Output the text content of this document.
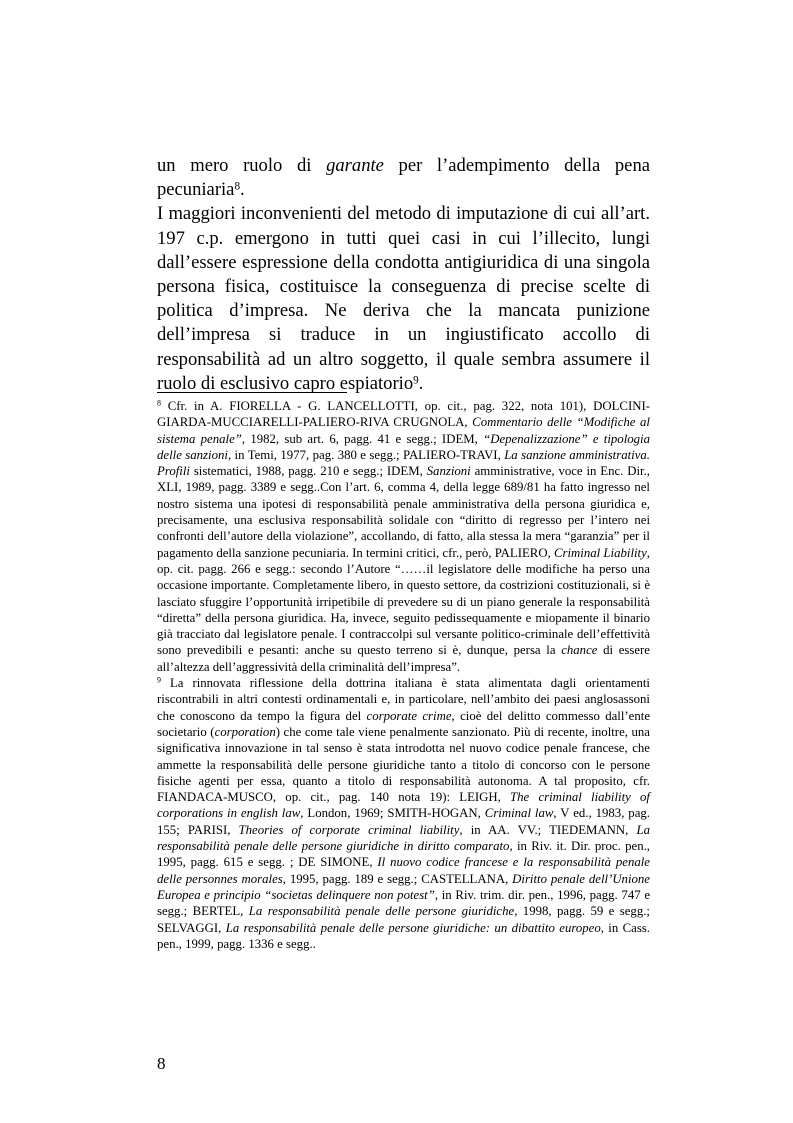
un mero ruolo di garante per l’adempimento della pena pecuniaria$^8$.

I maggiori inconvenienti del metodo di imputazione di cui all’art. 197 c.p. emergono in tutti quei casi in cui l’illecito, lungi dall’essere espressione della condotta antigiuridica di una singola persona fisica, costituisce la conseguenza di precise scelte di politica d’impresa. Ne deriva che la mancata punizione dell’impresa si traduce in un ingiustificato accollo di responsabilità ad un altro soggetto, il quale sembra assumere il ruolo di esclusivo capro espiatorio$^9$.

$^8$ Cfr. in A. FIORELLA - G. LANCELLOTTI, op. cit., pag. 322, nota 101), DOLCINI-GIARDA-MUCCIARELLI-PALIERO-RIVA CRUGNOLA, Commentario delle “Modifiche al sistema penale”, 1982, sub art. 6, pagg. 41 e segg.; IDEM, “Depenalizzazione” e tipologia delle sanzioni, in Temi, 1977, pag. 380 e segg.; PALIERO-TRAVI, La sanzione amministrativa. Profili sistematici, 1988, pagg. 210 e segg.; IDEM, Sanzioni amministrative, voce in Enc. Dir., XLI, 1989, pagg. 3389 e segg..Con l’art. 6, comma 4, della legge 689/81 ha fatto ingresso nel nostro sistema una ipotesi di responsabilità penale amministrativa della persona giuridica e, precisamente, una esclusiva responsabilità solidale con “diritto di regresso per l’intero nei confronti dell’autore della violazione”, accollando, di fatto, alla stessa la mera “garanzia” per il pagamento della sanzione pecuniaria. In termini critici, cfr., però, PALIERO, Criminal Liability, op. cit. pagg. 266 e segg.: secondo l’Autore “……il legislatore delle modifiche ha perso una occasione importante. Completamente libero, in questo settore, da costrizioni costituzionali, si è lasciato sfuggire l’opportunità irripetibile di prevedere su di un piano generale la responsabilità “diretta” della persona giuridica. Ha, invece, seguito pedissequamente e miopamente il binario già tracciato dal legislatore penale. I contraccolpi sul versante politico-criminale dell’effettività sono prevedibili e pesanti: anche su questo terreno si è, dunque, persa la chance di essere all’altezza dell’aggressività della criminalità dell’impresa”.

$^9$ La rinnovata riflessione della dottrina italiana è stata alimentata dagli orientamenti riscontrabili in altri contesti ordinamentali e, in particolare, nell’ambito dei paesi anglosassoni che conoscono da tempo la figura del corporate crime, cioè del delitto commesso dall’ente societario (corporation) che come tale viene penalmente sanzionato. Più di recente, inoltre, una significativa innovazione in tal senso è stata introdotta nel nuovo codice penale francese, che ammette la responsabilità delle persone giuridiche tanto a titolo di concorso con le persone fisiche agenti per essa, quanto a titolo di responsabilità autonoma. A tal proposito, cfr. FIANDACA-MUSCO, op. cit., pag. 140 nota 19): LEIGH, The criminal liability of corporations in english law, London, 1969; SMITH-HOGAN, Criminal law, V ed., 1983, pag. 155; PARISI, Theories of corporate criminal liability, in AA. VV.; TIEDEMANN, La responsabilità penale delle persone giuridiche in diritto comparato, in Riv. it. Dir. proc. pen., 1995, pagg. 615 e segg. ; DE SIMONE, Il nuovo codice francese e la responsabilità penale delle personnes morales, 1995, pagg. 189 e segg.; CASTELLANA, Diritto penale dell’Unione Europea e principio “societas delinquere non potest”, in Riv. trim. dir. pen., 1996, pagg. 747 e segg.; BERTEL, La responsabilità penale delle persone giuridiche, 1998, pagg. 59 e segg.; SELVAGGI, La responsabilità penale delle persone giuridiche: un dibattito europeo, in Cass. pen., 1999, pagg. 1336 e segg..

8
